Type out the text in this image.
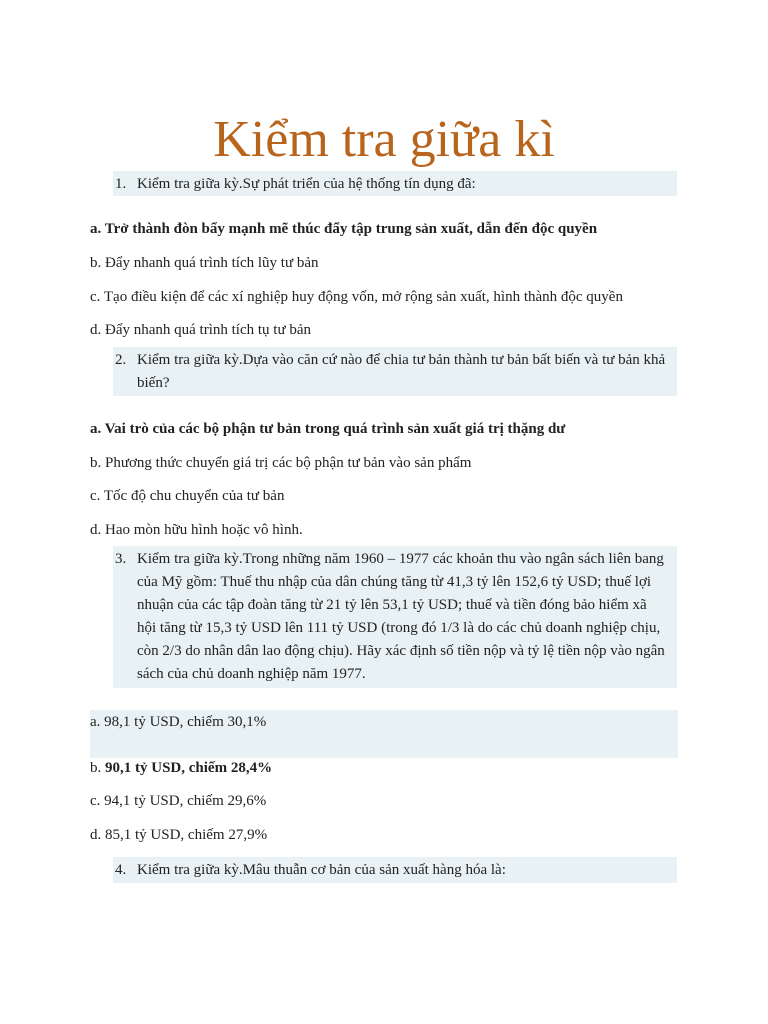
Kiểm tra giữa kì
1. Kiểm tra giữa kỳ.Sự phát triển của hệ thống tín dụng đã:
a. Trở thành đòn bẩy mạnh mẽ thúc đẩy tập trung sản xuất, dẫn đến độc quyền
b. Đẩy nhanh quá trình tích lũy tư bản
c. Tạo điều kiện để các xí nghiệp huy động vốn, mở rộng sản xuất, hình thành độc quyền
d. Đẩy nhanh quá trình tích tụ tư bản
2. Kiểm tra giữa kỳ.Dựa vào căn cứ nào để chia tư bản thành tư bản bất biến và tư bản khả biến?
a. Vai trò của các bộ phận tư bản trong quá trình sản xuất giá trị thặng dư
b. Phương thức chuyển giá trị các bộ phận tư bản vào sản phẩm
c. Tốc độ chu chuyển của tư bản
d. Hao mòn hữu hình hoặc vô hình.
3. Kiểm tra giữa kỳ.Trong những năm 1960 – 1977 các khoản thu vào ngân sách liên bang của Mỹ gồm: Thuế thu nhập của dân chúng tăng từ 41,3 tỷ lên 152,6 tỷ USD; thuế lợi nhuận của các tập đoàn tăng từ 21 tỷ lên 53,1 tỷ USD; thuế và tiền đóng bảo hiểm xã hội tăng từ 15,3 tỷ USD lên 111 tỷ USD (trong đó 1/3 là do các chủ doanh nghiệp chịu, còn 2/3 do nhân dân lao động chịu). Hãy xác định số tiền nộp và tỷ lệ tiền nộp vào ngân sách của chủ doanh nghiệp năm 1977.
a. 98,1 tỷ USD, chiếm 30,1%
b. 90,1 tỷ USD, chiếm 28,4%
c. 94,1 tỷ USD, chiếm 29,6%
d. 85,1 tỷ USD, chiếm 27,9%
4. Kiểm tra giữa kỳ.Mâu thuẫn cơ bản của sản xuất hàng hóa là:
